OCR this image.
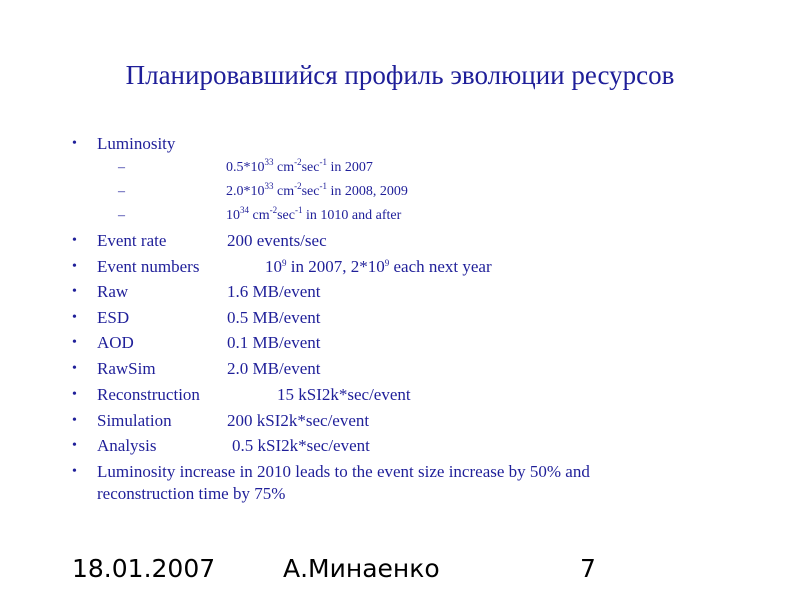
Планировавшийся профиль эволюции ресурсов
• Luminosity
–	$0.5*10^{33}$ $cm^{-2}\sec^{-1}$ in 2007
–	$2.0*10^{33}$ $cm^{-2}\sec^{-1}$ in 2008, 2009
–	$10^{34}$ $cm^{-2}\sec^{-1}$ in 1010 and after
• Event rate	200 events/sec
• Event numbers	$10^9$ in 2007, $2*10^9$ each next year
• Raw	1.6 MB/event
• ESD	0.5 MB/event
• AOD	0.1 MB/event
• RawSim	2.0 MB/event
• Reconstruction	15 kSI2k*sec/event
• Simulation	200 kSI2k*sec/event
• Analysis	0.5 kSI2k*sec/event
• Luminosity increase in 2010 leads to the event size increase by 50% and
reconstruction time by 75%
18.01.2007	А.Минаенко	7
